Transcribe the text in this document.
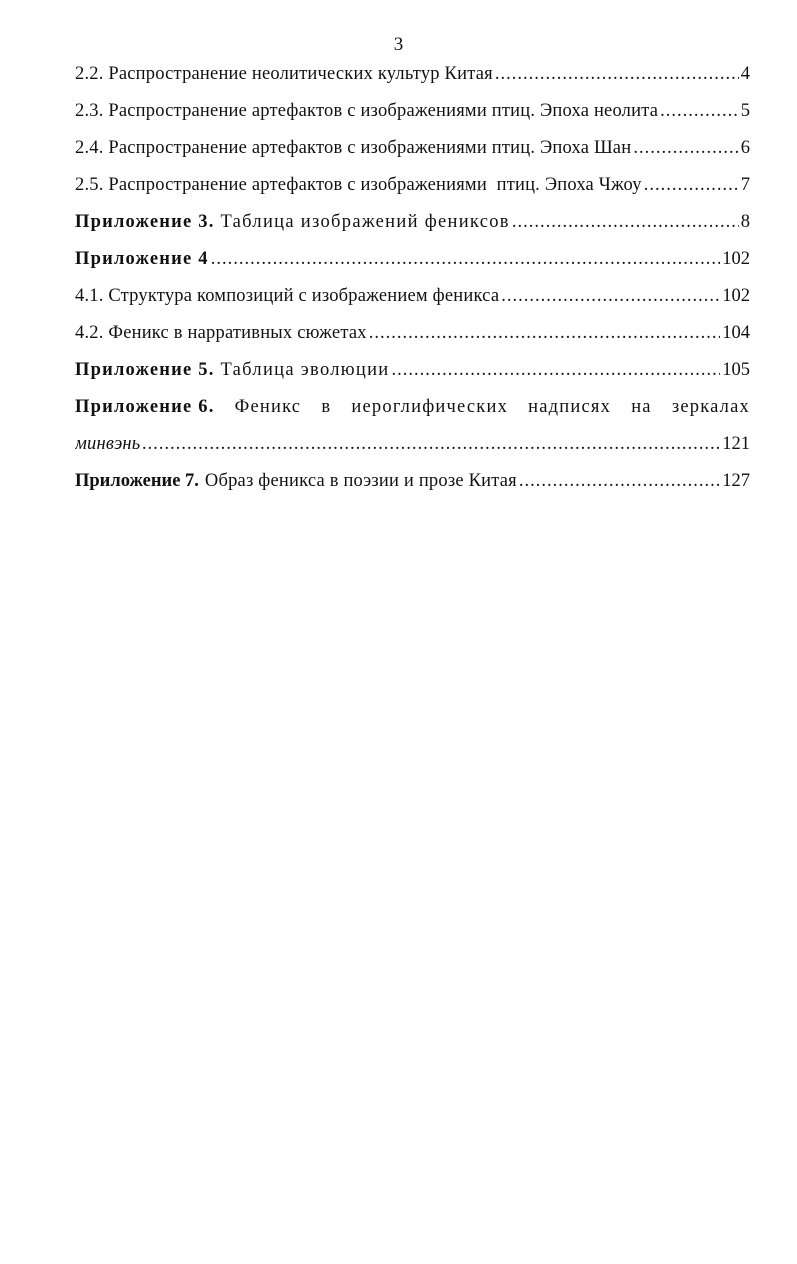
3
2.2. Распространение неолитических культур Китая .....	4
2.3. Распространение артефактов с изображениями птиц. Эпоха неолита .....	5
2.4. Распространение артефактов с изображениями птиц. Эпоха Шан .....	6
2.5. Распространение артефактов с изображениями  птиц. Эпоха Чжоу .....	7
Приложение 3. Таблица изображений фениксов .....	8
Приложение 4 .....	102
4.1. Структура композиций с изображением феникса .....	102
4.2. Феникс в нарративных сюжетах .....	104
Приложение 5. Таблица эволюции .....	105
Приложение 6. Феникс в иероглифических надписях на зеркалах
минвэнь .....	121
Приложение 7. Образ феникса в поэзии и прозе Китая .....	127
